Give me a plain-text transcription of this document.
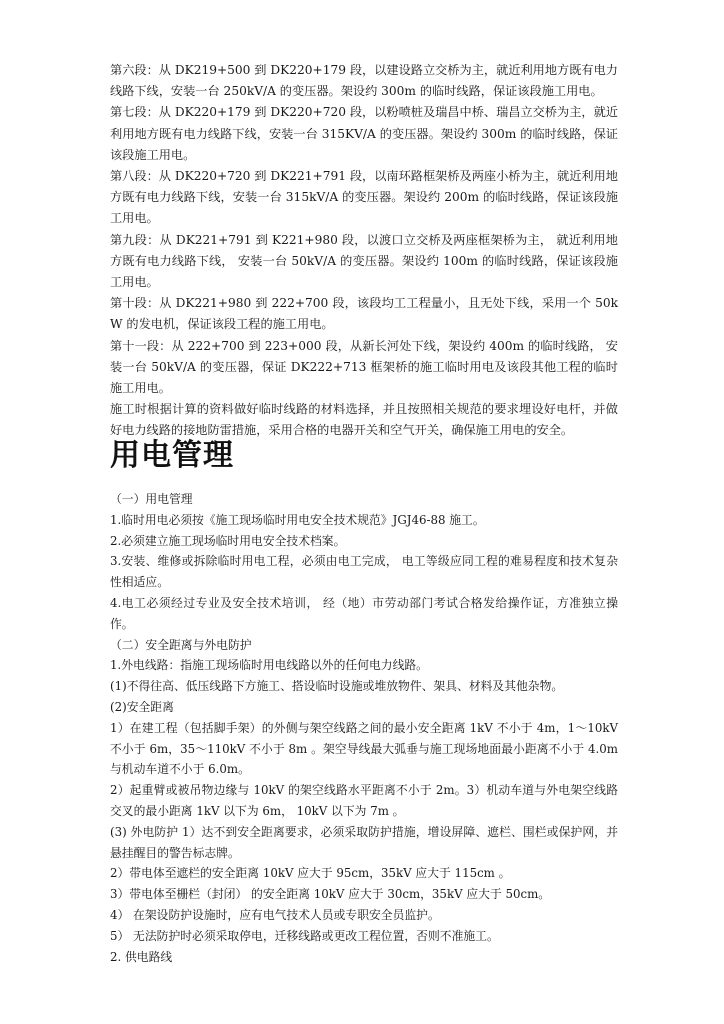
第六段：从 DK219+500 到 DK220+179 段，以建设路立交桥为主，就近利用地方既有电力线路下线，安装一台 250kV/A 的变压器。架设约 300m 的临时线路，保证该段施工用电。

第七段：从 DK220+179 到 DK220+720 段，以粉喷桩及瑞昌中桥、瑞昌立交桥为主，就近利用地方既有电力线路下线，安装一台 315KV/A 的变压器。架设约 300m 的临时线路，保证该段施工用电。

第八段：从 DK220+720 到 DK221+791 段，以南环路框架桥及两座小桥为主，就近利用地方既有电力线路下线，安装一台 315kV/A 的变压器。架设约 200m 的临时线路，保证该段施工用电。

第九段：从 DK221+791 到 K221+980 段，以渡口立交桥及两座框架桥为主， 就近利用地方既有电力线路下线， 安装一台 50kV/A 的变压器。架设约 100m 的临时线路，保证该段施工用电。

第十段：从 DK221+980 到 222+700 段，该段均工工程量小，且无处下线，采用一个 50kW 的发电机，保证该段工程的施工用电。

第十一段：从 222+700 到 223+000 段，从新长河处下线，架设约 400m 的临时线路， 安装一台 50kV/A 的变压器，保证 DK222+713 框架桥的施工临时用电及该段其他工程的临时施工用电。

施工时根据计算的资料做好临时线路的材料选择，并且按照相关规范的要求埋设好电杆，并做好电力线路的接地防雷措施，采用合格的电器开关和空气开关，确保施工用电的安全。

用电管理

（一）用电管理

1.临时用电必须按《施工现场临时用电安全技术规范》JGJ46-88 施工。

2.必须建立施工现场临时用电安全技术档案。

3.安装、维修或拆除临时用电工程，必须由电工完成， 电工等级应同工程的难易程度和技术复杂性相适应。

4.电工必须经过专业及安全技术培训， 经（地）市劳动部门考试合格发给操作证，方准独立操作。

（二）安全距离与外电防护

1.外电线路：指施工现场临时用电线路以外的任何电力线路。

(1)不得往高、低压线路下方施工、搭设临时设施或堆放物件、架具、材料及其他杂物。

(2)安全距离

1）在建工程（包括脚手架）的外侧与架空线路之间的最小安全距离 1kV 不小于 4m，1～10kV 不小于 6m，35～110kV 不小于 8m 。架空导线最大弧垂与施工现场地面最小距离不小于 4.0m 与机动车道不小于 6.0m。

2）起重臂或被吊物边缘与 10kV 的架空线路水平距离不小于 2m。3）机动车道与外电架空线路交叉的最小距离 1kV 以下为 6m， 10kV 以下为 7m 。

(3) 外电防护 1）达不到安全距离要求，必须采取防护措施，增设屏障、遮栏、围栏或保护网，并悬挂醒目的警告标志牌。

2）带电体至遮栏的安全距离 10kV 应大于 95cm，35kV 应大于 115cm 。

3）带电体至栅栏（封闭） 的安全距离 10kV 应大于 30cm，35kV 应大于 50cm。

4） 在架设防护设施时，应有电气技术人员或专职安全员监护。

5） 无法防护时必须采取停电，迁移线路或更改工程位置，否则不准施工。

2. 供电路线
